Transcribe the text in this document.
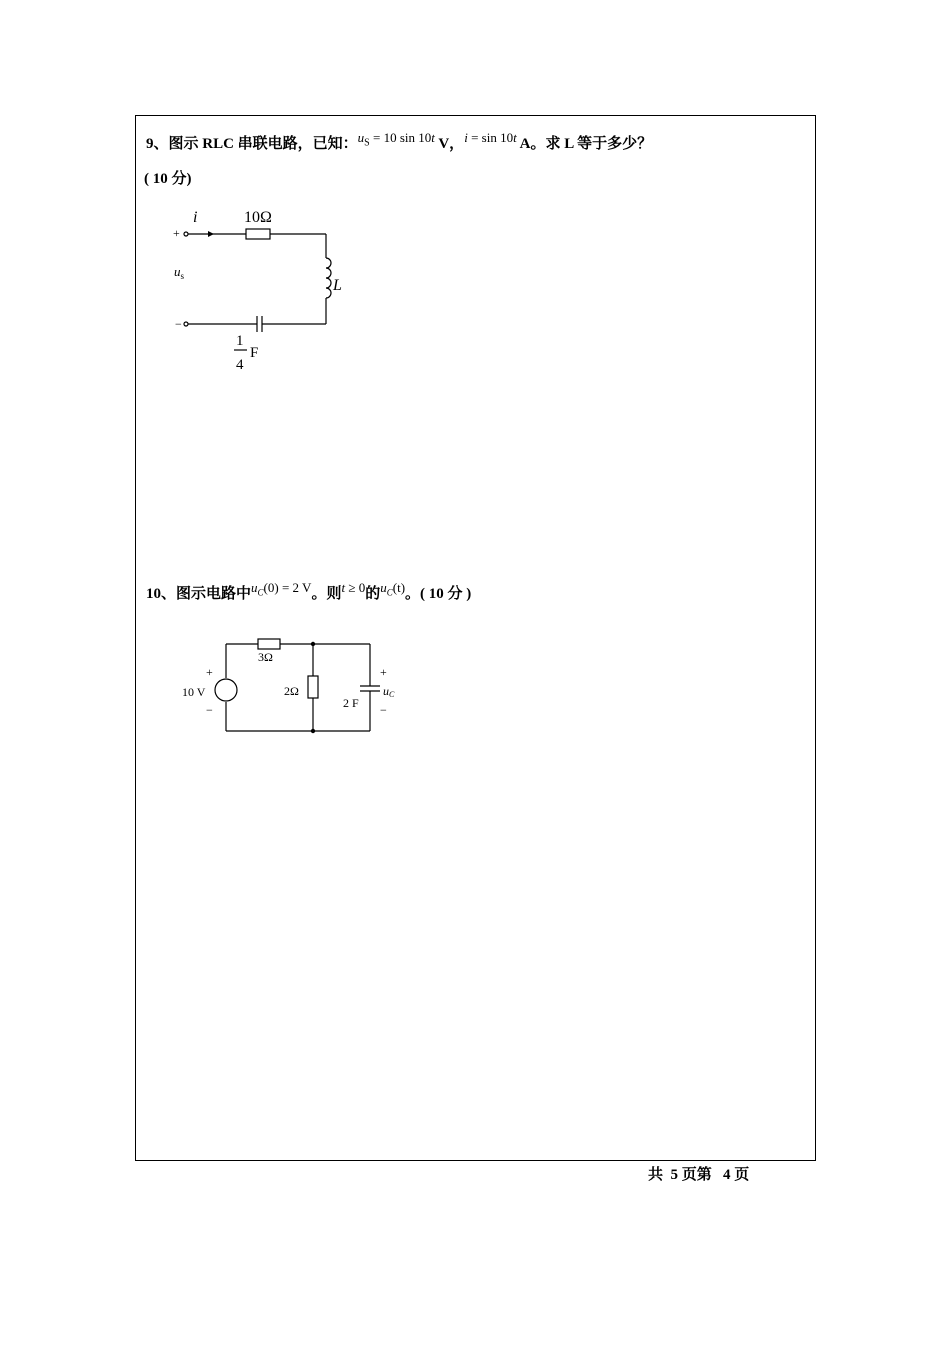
9、图示 RLC 串联电路，已知：$u_S = 10$ sin 10t V，i = sin 10t A。求 L 等于多少？
( 10 分)
+
−
i	10Ω
L
$u_s$
1
4
F
10、图示电路中$u_C(0) = 2$ V。则t ≥ 0的$u_C(t)$。( 10 分 )
3Ω
2Ω
+
10 V
−	2 F
+
uC
−
共  5 页第   4 页
